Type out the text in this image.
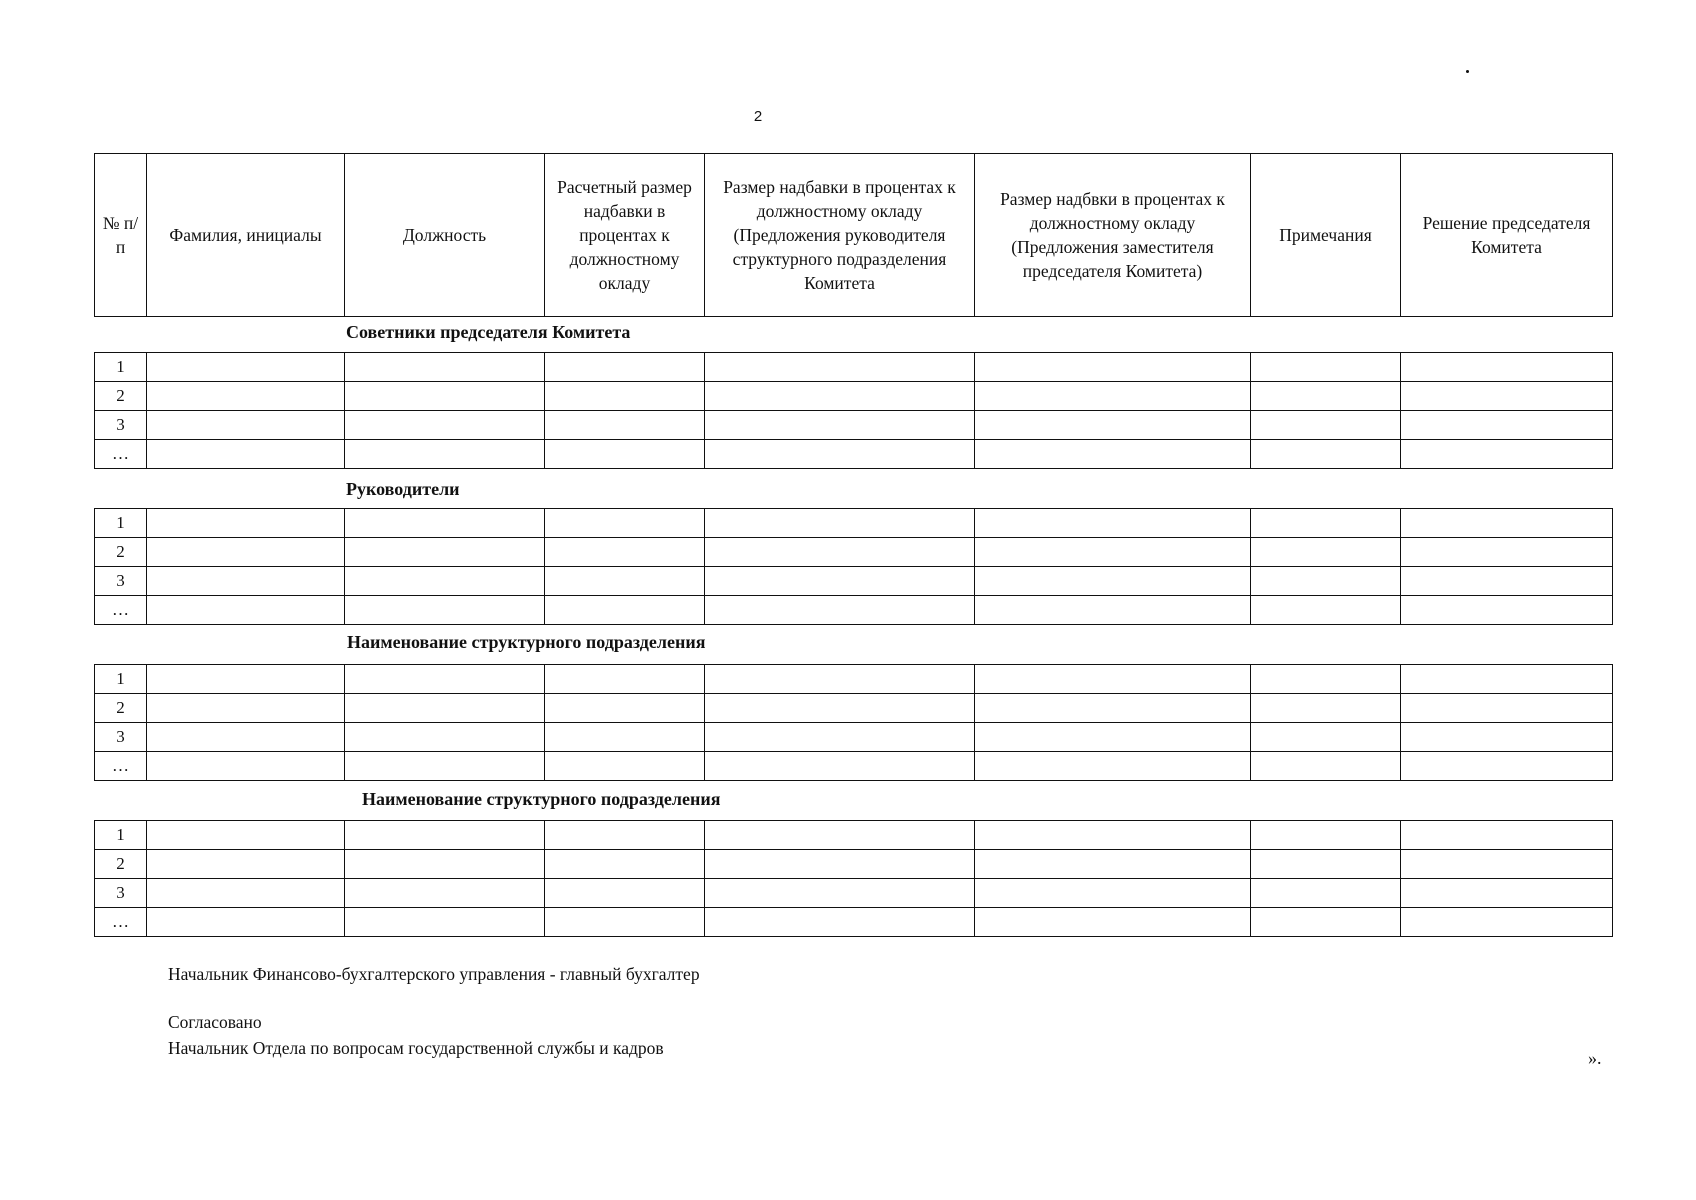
2
№ п/п	Фамилия, инициалы	Должность	Расчетный размер надбавки в процентах к должностному окладу	Размер надбавки в процентах к должностному окладу (Предложения руководителя структурного подразделения Комитета	Размер надбвки в процентах к должностному окладу (Предложения заместителя председателя Комитета)	Примечания	Решение председателя Комитета
Советники председателя Комитета
1							
2							
3							
…							
Руководители
1							
2							
3							
…							
Наименование структурного подразделения
1							
2							
3							
…							
Наименование структурного подразделения
1							
2							
3							
…							
Начальник Финансово-бухгалтерского управления - главный бухгалтер
Согласовано
Начальник Отдела по вопросам государственной службы и кадров	».
